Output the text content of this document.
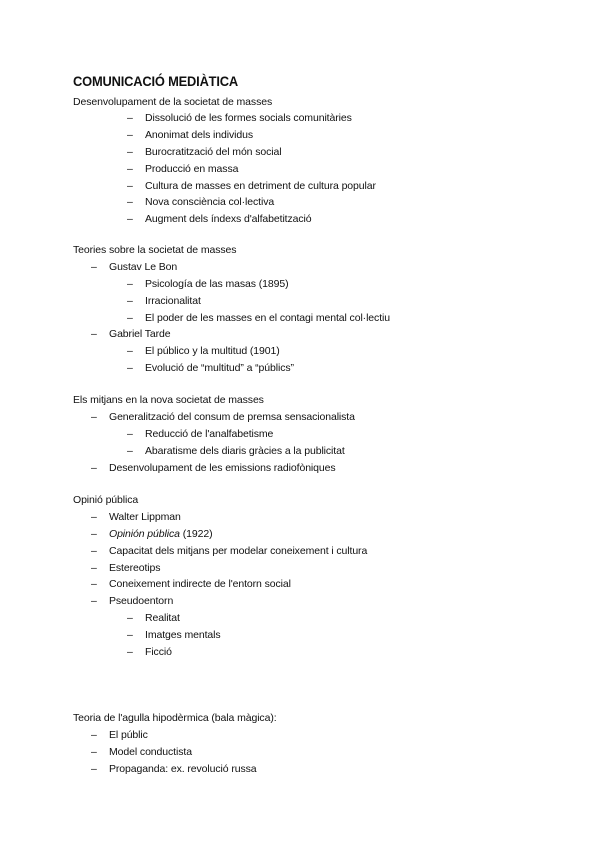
COMUNICACIÓ MEDIÀTICA
Desenvolupament de la societat de masses
– Dissolució de les formes socials comunitàries
– Anonimat dels individus
– Burocratització del món social
– Producció en massa
– Cultura de masses en detriment de cultura popular
– Nova consciència col·lectiva
– Augment dels índexs d'alfabetització
Teories sobre la societat de masses
– Gustav Le Bon
– Psicología de las masas (1895)
– Irracionalitat
– El poder de les masses en el contagi mental col·lectiu
– Gabriel Tarde
– El público y la multitud (1901)
– Evolució de “multitud” a “públics”
Els mitjans en la nova societat de masses
– Generalització del consum de premsa sensacionalista
– Reducció de l'analfabetisme
– Abaratisme dels diaris gràcies a la publicitat
– Desenvolupament de les emissions radiofòniques
Opinió pública
– Walter Lippman
– Opinión pública (1922)
– Capacitat dels mitjans per modelar coneixement i cultura
– Estereotips
– Coneixement indirecte de l'entorn social
– Pseudoentorn
– Realitat
– Imatges mentals
– Ficció
Teoria de l'agulla hipodèrmica (bala màgica):
– El públic
– Model conductista
– Propaganda: ex. revolució russa
